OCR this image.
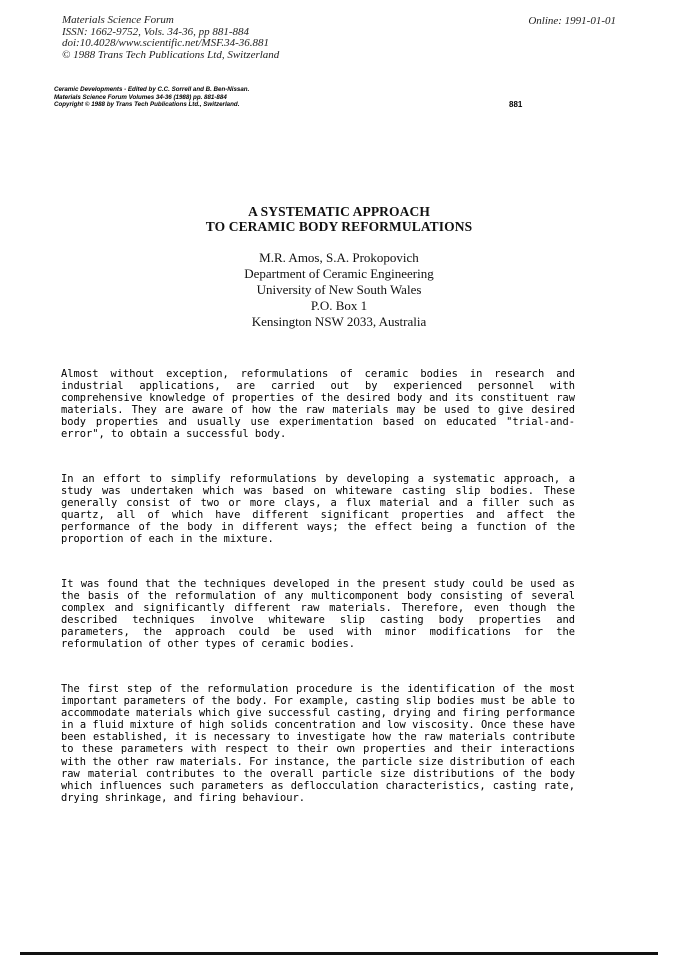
Materials Science Forum
ISSN: 1662-9752, Vols. 34-36, pp 881-884
doi:10.4028/www.scientific.net/MSF.34-36.881
© 1988 Trans Tech Publications Ltd, Switzerland
Online: 1991-01-01
Ceramic Developments - Edited by C.C. Sorrell and B. Ben-Nissan.
Materials Science Forum Volumes 34-36 (1988) pp. 881-884
Copyright © 1988 by Trans Tech Publications Ltd., Switzerland.	881
A SYSTEMATIC APPROACH
TO CERAMIC BODY REFORMULATIONS
M.R. Amos, S.A. Prokopovich
Department of Ceramic Engineering
University of New South Wales
P.O. Box 1
Kensington NSW 2033, Australia
Almost without exception, reformulations of ceramic bodies in research and industrial applications, are carried out by experienced personnel with comprehensive knowledge of properties of the desired body and its constituent raw materials. They are aware of how the raw materials may be used to give desired body properties and usually use experimentation based on educated "trial-and-error", to obtain a successful body.
In an effort to simplify reformulations by developing a systematic approach, a study was undertaken which was based on whiteware casting slip bodies. These generally consist of two or more clays, a flux material and a filler such as quartz, all of which have different significant properties and affect the performance of the body in different ways; the effect being a function of the proportion of each in the mixture.
It was found that the techniques developed in the present study could be used as the basis of the reformulation of any multicomponent body consisting of several complex and significantly different raw materials. Therefore, even though the described techniques involve whiteware slip casting body properties and parameters, the approach could be used with minor modifications for the reformulation of other types of ceramic bodies.
The first step of the reformulation procedure is the identification of the most important parameters of the body. For example, casting slip bodies must be able to accommodate materials which give successful casting, drying and firing performance in a fluid mixture of high solids concentration and low viscosity. Once these have been established, it is necessary to investigate how the raw materials contribute to these parameters with respect to their own properties and their interactions with the other raw materials. For instance, the particle size distribution of each raw material contributes to the overall particle size distributions of the body which influences such parameters as deflocculation characteristics, casting rate, drying shrinkage, and firing behaviour.
